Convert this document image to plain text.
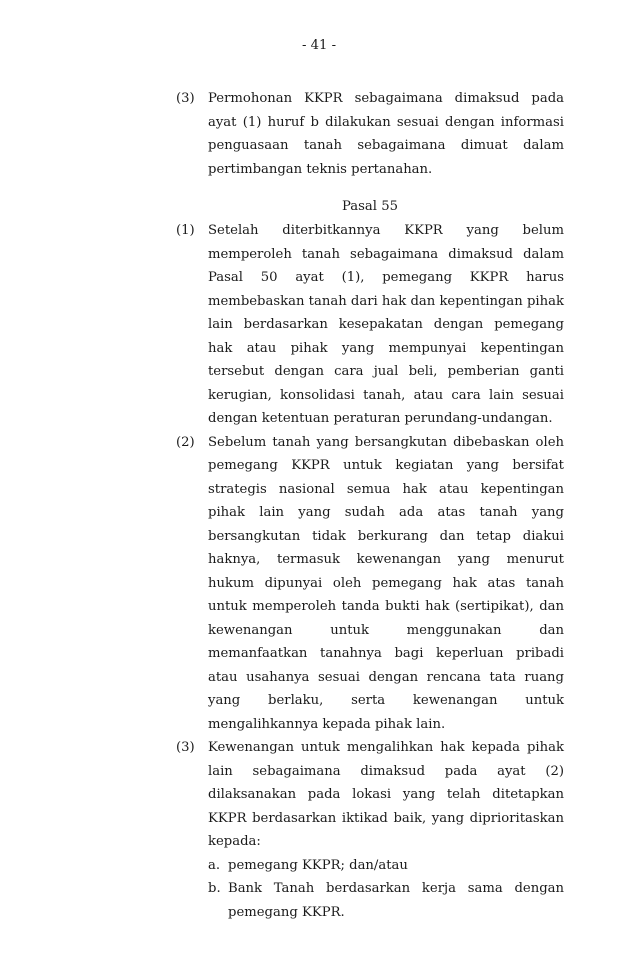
- 41 -
(3) Permohonan KKPR sebagaimana dimaksud pada ayat (1) huruf b dilakukan sesuai dengan informasi penguasaan tanah sebagaimana dimuat dalam pertimbangan teknis pertanahan.

Pasal 55
(1) Setelah diterbitkannya KKPR yang belum memperoleh tanah sebagaimana dimaksud dalam Pasal 50 ayat (1), pemegang KKPR harus membebaskan tanah dari hak dan kepentingan pihak lain berdasarkan kesepakatan dengan pemegang hak atau pihak yang mempunyai kepentingan tersebut dengan cara jual beli, pemberian ganti kerugian, konsolidasi tanah, atau cara lain sesuai dengan ketentuan peraturan perundang-undangan.

(2) Sebelum tanah yang bersangkutan dibebaskan oleh pemegang KKPR untuk kegiatan yang bersifat strategis nasional semua hak atau kepentingan pihak lain yang sudah ada atas tanah yang bersangkutan tidak berkurang dan tetap diakui haknya, termasuk kewenangan yang menurut hukum dipunyai oleh pemegang hak atas tanah untuk memperoleh tanda bukti hak (sertipikat), dan kewenangan untuk menggunakan dan memanfaatkan tanahnya bagi keperluan pribadi atau usahanya sesuai dengan rencana tata ruang yang berlaku, serta kewenangan untuk mengalihkannya kepada pihak lain.

(3) Kewenangan untuk mengalihkan hak kepada pihak lain sebagaimana dimaksud pada ayat (2) dilaksanakan pada lokasi yang telah ditetapkan KKPR berdasarkan iktikad baik, yang diprioritaskan kepada:

a. pemegang KKPR; dan/atau

b. Bank Tanah berdasarkan kerja sama dengan pemegang KKPR.
